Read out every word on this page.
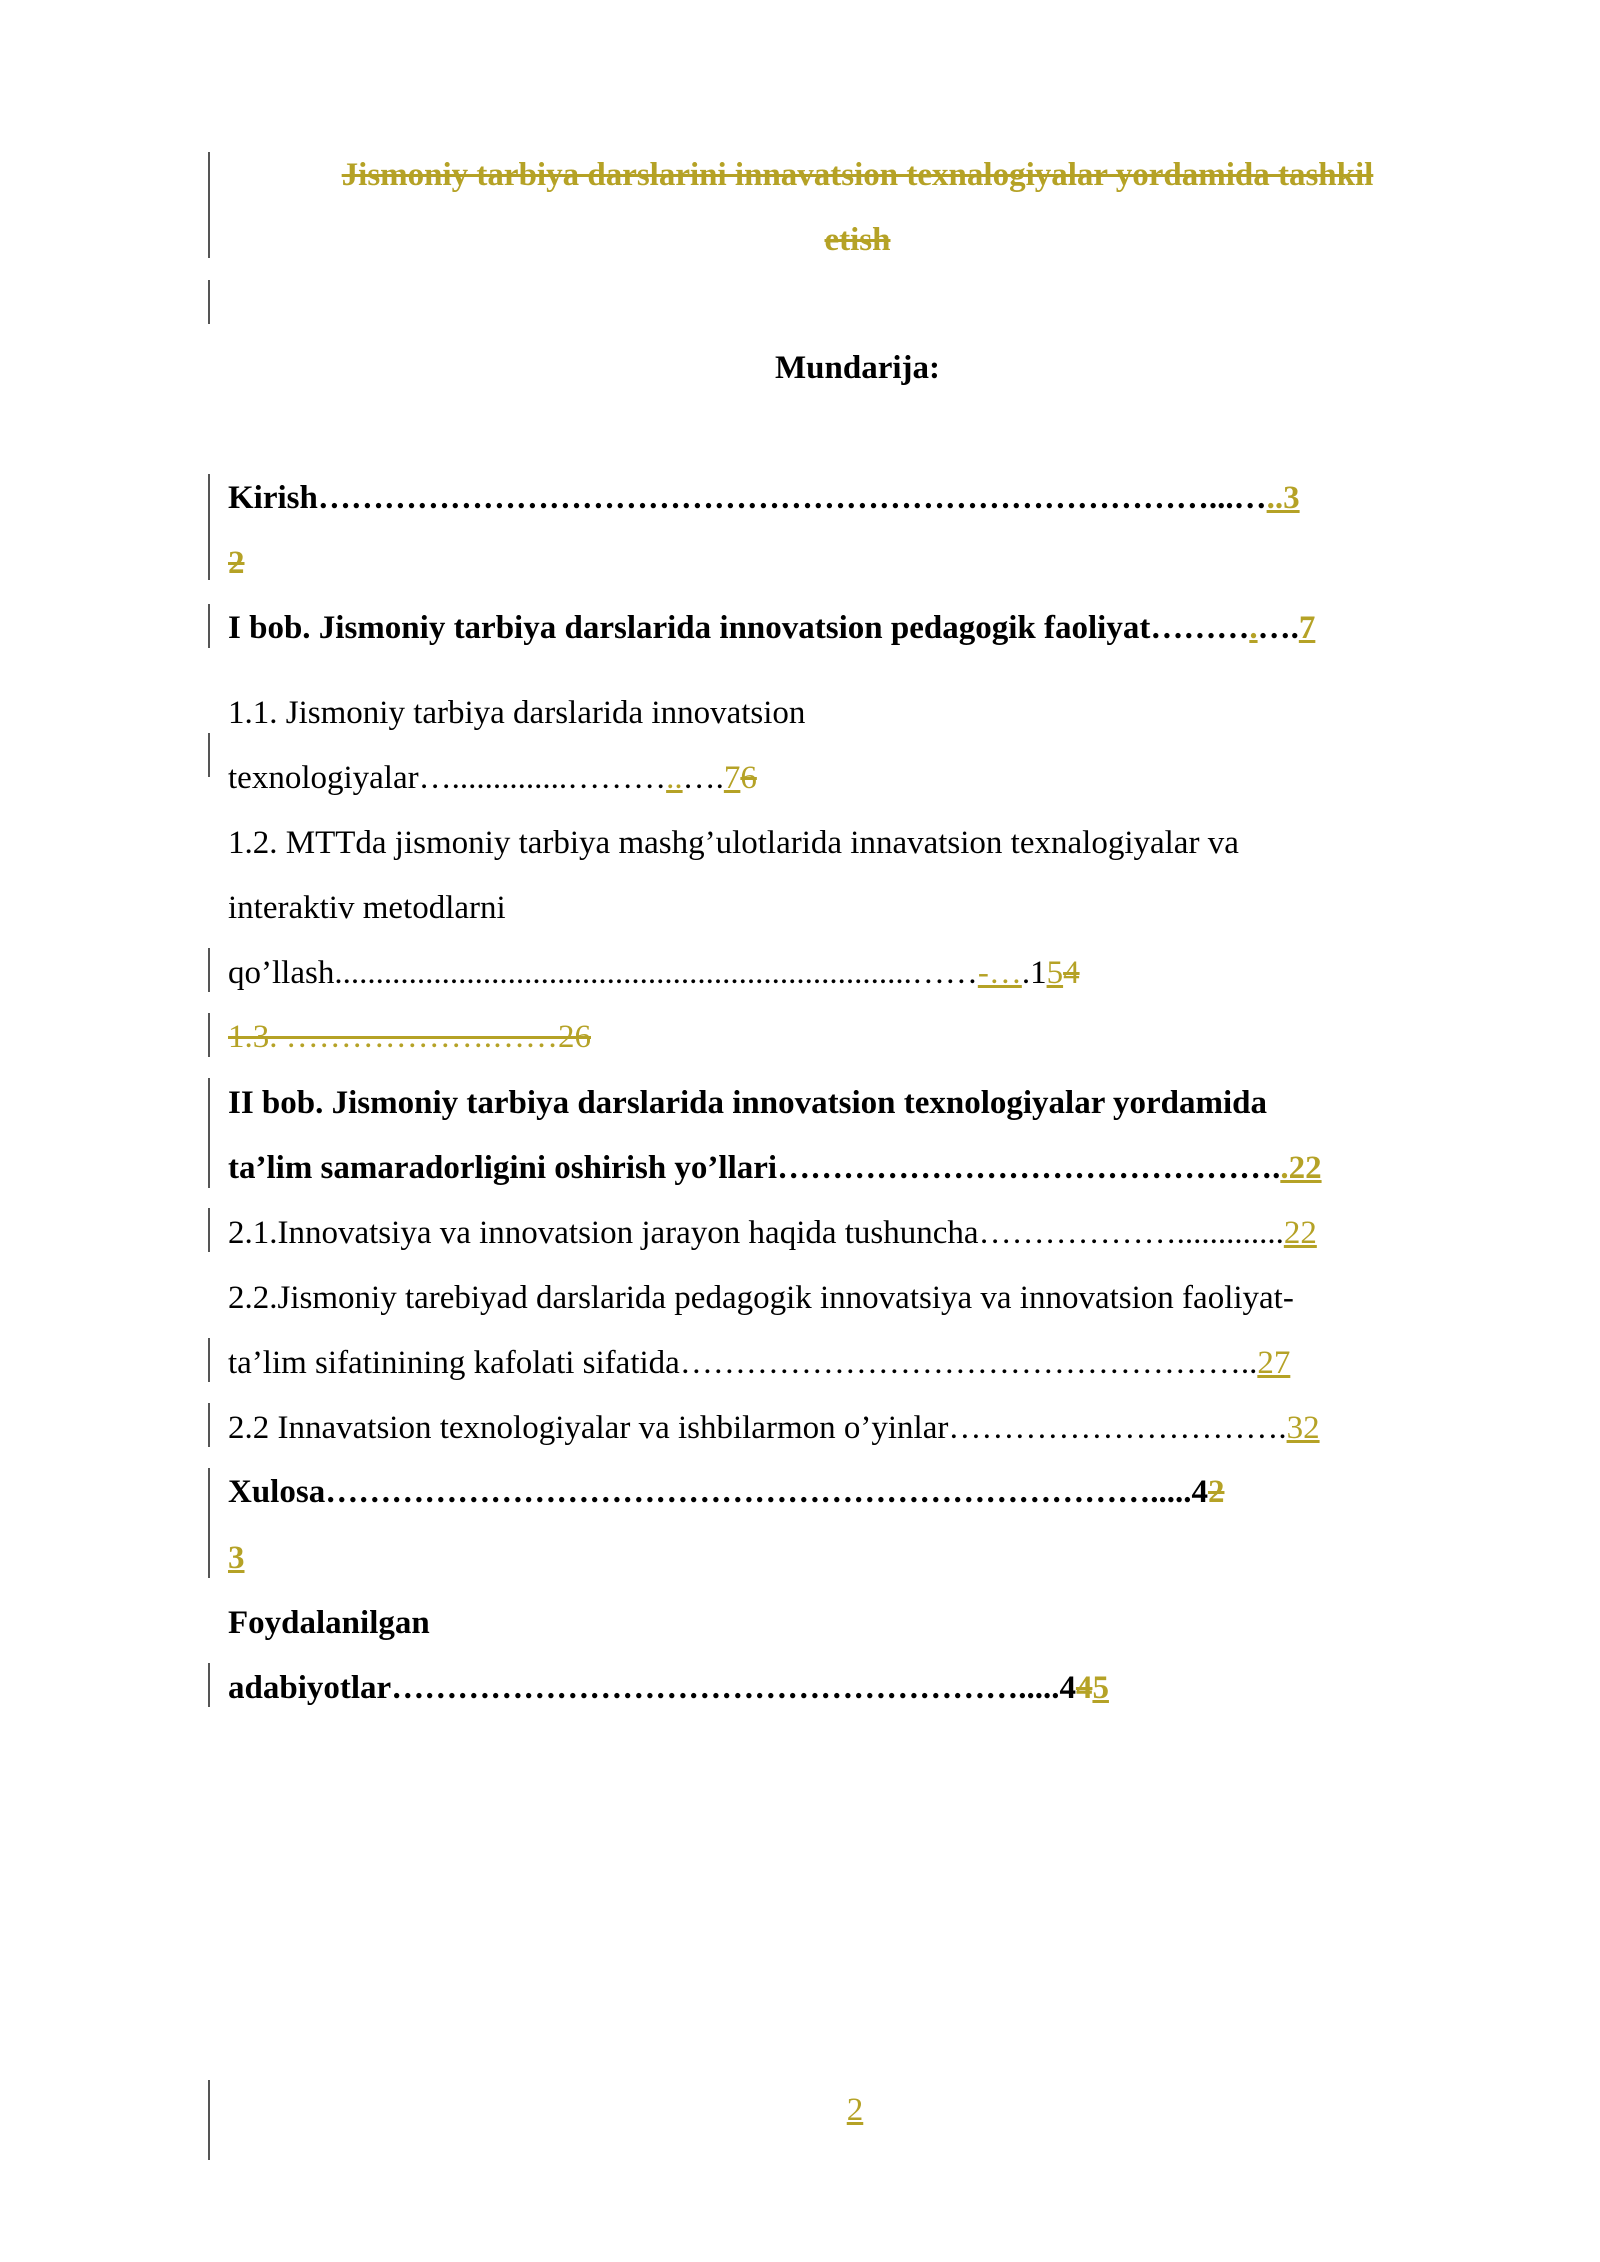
Jismoniy tarbiya darslarini innavatsion texnalogiyalar yordamida tashkil
etish
Mundarija:
Kirish………………………………………………………………………...…..3
2
I bob. Jismoniy tarbiya darslarida innovatsion pedagogik faoliyat……….….7
1.1. Jismoniy tarbiya darslarida innovatsion
texnologiyalar…..............………..….76
1.2. MTTda jismoniy tarbiya mashg’ulotlarida innavatsion texnalogiyalar va
interaktiv metodlarni
qo’llash......................................................................……-….154
1.3. ……………….……26
II bob. Jismoniy tarbiya darslarida innovatsion texnologiyalar yordamida
ta’lim samaradorligini oshirish yo’llari………………………………………..22
2.1.Innovatsiya va innovatsion jarayon haqida tushuncha……………….............22
2.2.Jismoniy tarebiyad darslarida pedagogik innovatsiya va innovatsion faoliyat-
ta’lim sifatinining kafolati sifatida……………………………………………..27
2.2 Innavatsion texnologiyalar va ishbilarmon o’yinlar………………………….32
Xulosa………………………………………………………………….....42
3
Foydalanilgan
adabiyotlar………………………………………………….....445
2
